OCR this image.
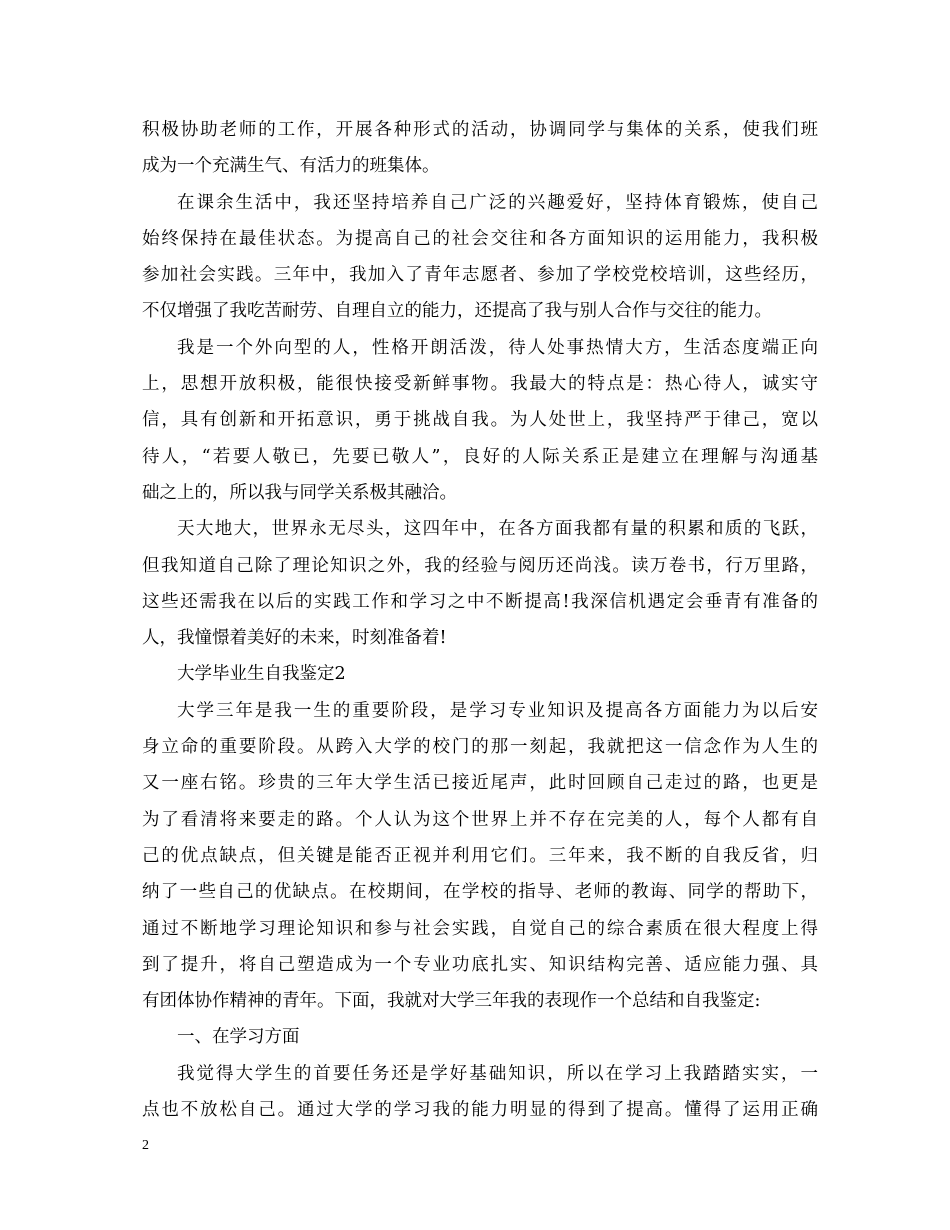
积极协助老师的工作，开展各种形式的活动，协调同学与集体的关系，使我们班
成为一个充满生气、有活力的班集体。
在课余生活中，我还坚持培养自己广泛的兴趣爱好，坚持体育锻炼，使自己
始终保持在最佳状态。为提高自己的社会交往和各方面知识的运用能力，我积极
参加社会实践。三年中，我加入了青年志愿者、参加了学校党校培训，这些经历，
不仅增强了我吃苦耐劳、自理自立的能力，还提高了我与别人合作与交往的能力。
我是一个外向型的人，性格开朗活泼，待人处事热情大方，生活态度端正向
上，思想开放积极，能很快接受新鲜事物。我最大的特点是：热心待人，诚实守
信，具有创新和开拓意识，勇于挑战自我。为人处世上，我坚持严于律己，宽以
待人，“若要人敬已，先要已敬人”，良好的人际关系正是建立在理解与沟通基
础之上的，所以我与同学关系极其融洽。
天大地大，世界永无尽头，这四年中，在各方面我都有量的积累和质的飞跃，
但我知道自己除了理论知识之外，我的经验与阅历还尚浅。读万卷书，行万里路，
这些还需我在以后的实践工作和学习之中不断提高!我深信机遇定会垂青有准备的
人，我憧憬着美好的未来，时刻准备着!
大学毕业生自我鉴定2
大学三年是我一生的重要阶段，是学习专业知识及提高各方面能力为以后安
身立命的重要阶段。从跨入大学的校门的那一刻起，我就把这一信念作为人生的
又一座右铭。珍贵的三年大学生活已接近尾声，此时回顾自己走过的路，也更是
为了看清将来要走的路。个人认为这个世界上并不存在完美的人，每个人都有自
己的优点缺点，但关键是能否正视并利用它们。三年来，我不断的自我反省，归
纳了一些自己的优缺点。在校期间，在学校的指导、老师的教诲、同学的帮助下，
通过不断地学习理论知识和参与社会实践，自觉自己的综合素质在很大程度上得
到了提升，将自己塑造成为一个专业功底扎实、知识结构完善、适应能力强、具
有团体协作精神的青年。下面，我就对大学三年我的表现作一个总结和自我鉴定:
一、在学习方面
我觉得大学生的首要任务还是学好基础知识，所以在学习上我踏踏实实，一
点也不放松自己。通过大学的学习我的能力明显的得到了提高。懂得了运用正确
2
